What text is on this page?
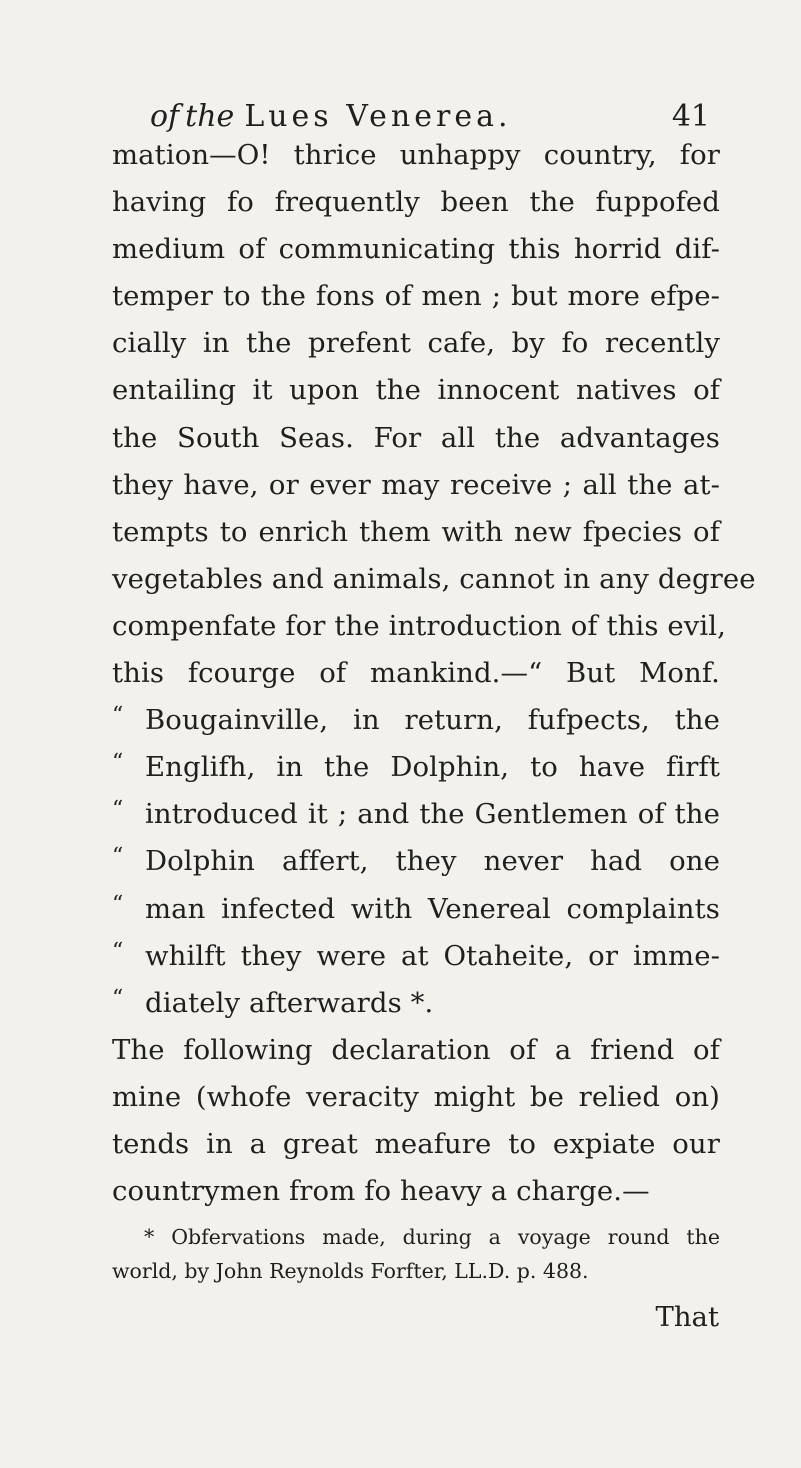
of the Lues Venerea.	41
mation—O! thrice unhappy country, for
having fo frequently been the fuppofed
medium of communicating this horrid dif-
temper to the fons of men ; but more efpe-
cially in the prefent cafe, by fo recently
entailing it upon the innocent natives of
the South Seas. For all the advantages
they have, or ever may receive ; all the at-
tempts to enrich them with new fpecies of
vegetables and animals, cannot in any degree
compenfate for the introduction of this evil,
this fcourge of mankind.—“ But Monf.
“ Bougainville, in return, fufpects, the
“ Englifh, in the Dolphin, to have firft
“ introduced it ; and the Gentlemen of the
“ Dolphin affert, they never had one
“ man infected with Venereal complaints
“ whilft they were at Otaheite, or imme-
“ diately afterwards *.
The following declaration of a friend of
mine (whofe veracity might be relied on)
tends in a great meafure to expiate our
countrymen from fo heavy a charge.—
* Obfervations made, during a voyage round the
world, by John Reynolds Forfter, LL.D. p. 488.
That
